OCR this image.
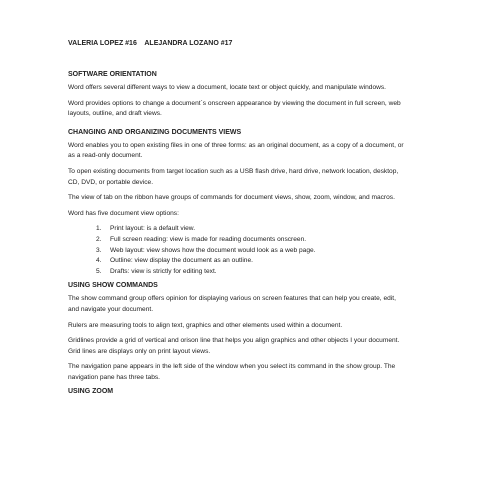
VALERIA LOPEZ #16    ALEJANDRA LOZANO #17
SOFTWARE ORIENTATION

Word offers several different ways to view a document, locate text or object quickly, and manipulate windows.

Word provides options to change a document´s onscreen appearance by viewing the document in full screen, web layouts, outline, and draft views.

CHANGING AND ORGANIZING DOCUMENTS VIEWS

Word enables you to open existing files in one of three forms: as an original document, as a copy of a document, or as a read-only document.

To open existing documents from target location such as a USB flash drive, hard drive, network location, desktop, CD, DVD, or portable device.

The view of tab on the ribbon have groups of commands for document views, show, zoom, window, and macros.

Word has five document view options:

1.	Print layout: is a default view.
2.	Full screen reading: view is made for reading documents onscreen.
3.	Web layout: view shows how the document would look as a web page.
4.	Outline: view display the document as an outline.
5.	Drafts: view is strictly for editing text.
USING SHOW COMMANDS

The show command group offers opinion for displaying various on screen features that can help you create, edit, and navigate your document.

Rulers are measuring tools to align text, graphics and other elements used within a document.

Gridlines provide a grid of vertical and orison line that helps you align graphics and other objects I your document. Grid lines are displays only on print layout views.

The navigation pane appears in the left side of the window when you select its command in the show group. The navigation pane has three tabs.

USING ZOOM
